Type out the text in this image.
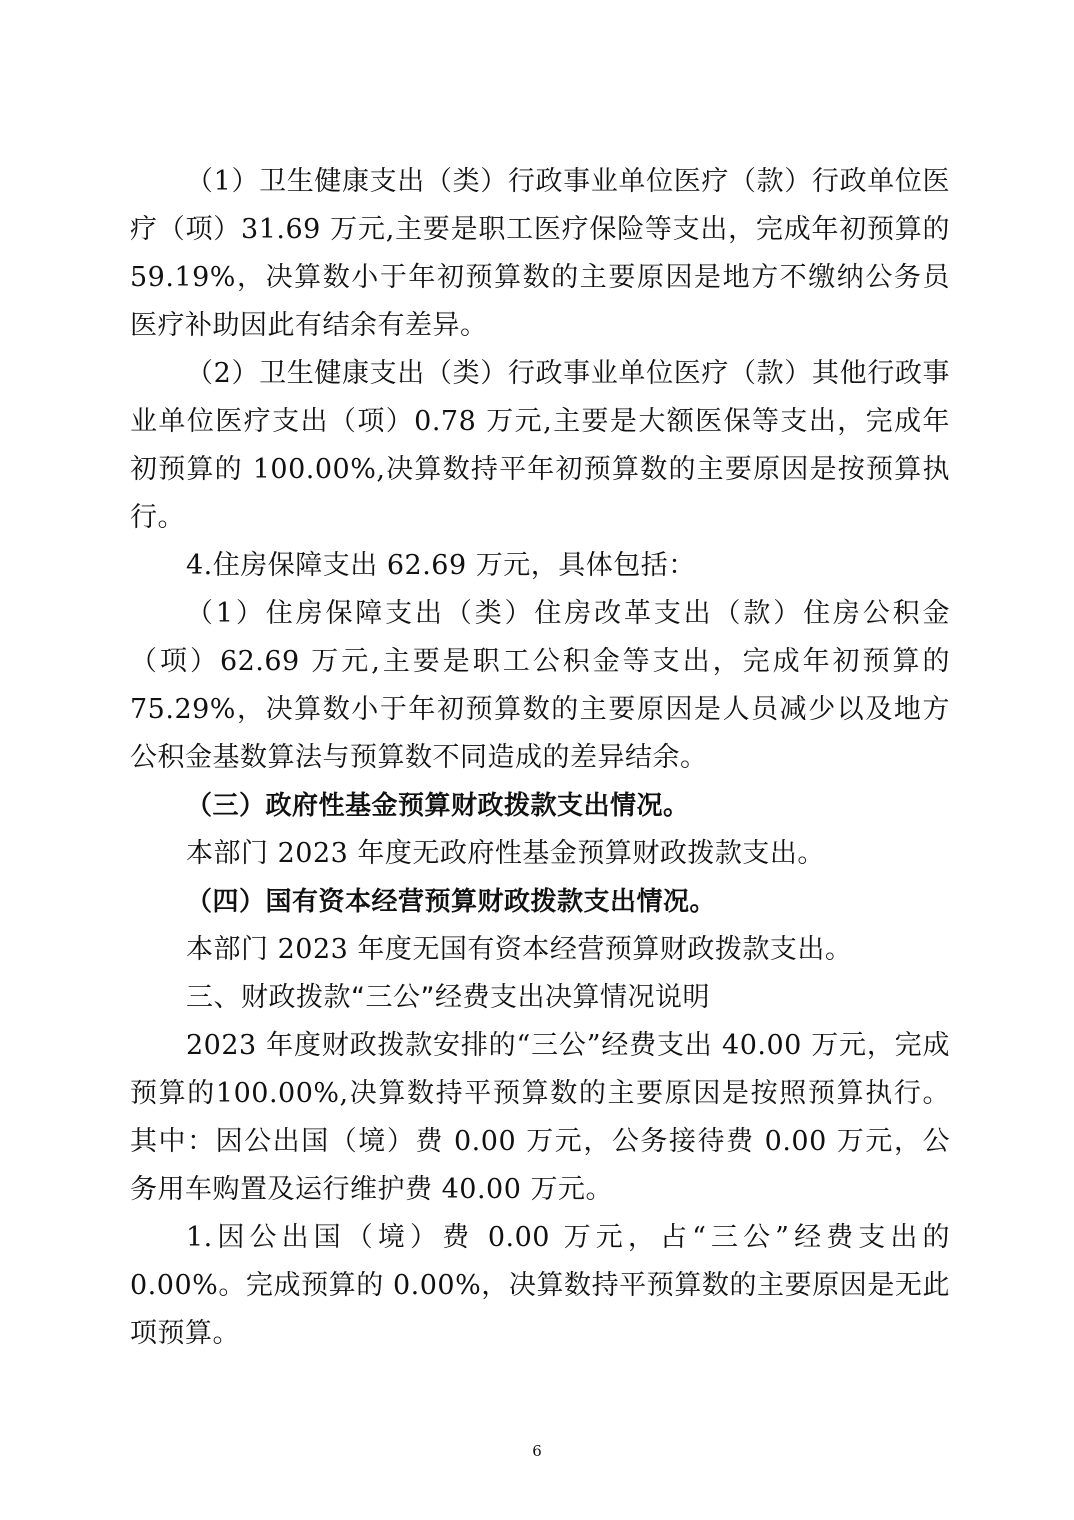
（1）卫生健康支出（类）行政事业单位医疗（款）行政单位医疗（项）31.69 万元,主要是职工医疗保险等支出，完成年初预算的 59.19%，决算数小于年初预算数的主要原因是地方不缴纳公务员医疗补助因此有结余有差异。

（2）卫生健康支出（类）行政事业单位医疗（款）其他行政事业单位医疗支出（项）0.78 万元,主要是大额医保等支出，完成年初预算的 100.00%,决算数持平年初预算数的主要原因是按预算执行。

4.住房保障支出 62.69 万元，具体包括：

（1）住房保障支出（类）住房改革支出（款）住房公积金（项）62.69 万元,主要是职工公积金等支出，完成年初预算的 75.29%，决算数小于年初预算数的主要原因是人员减少以及地方公积金基数算法与预算数不同造成的差异结余。

（三）政府性基金预算财政拨款支出情况。

本部门 2023 年度无政府性基金预算财政拨款支出。

（四）国有资本经营预算财政拨款支出情况。

本部门 2023 年度无国有资本经营预算财政拨款支出。

三、财政拨款“三公”经费支出决算情况说明

2023 年度财政拨款安排的“三公”经费支出 40.00 万元，完成预算的100.00%,决算数持平预算数的主要原因是按照预算执行。其中：因公出国（境）费 0.00 万元，公务接待费 0.00 万元，公务用车购置及运行维护费 40.00 万元。

1.因公出国（境）费 0.00 万元，占“三公”经费支出的 0.00%。完成预算的 0.00%，决算数持平预算数的主要原因是无此项预算。

6
